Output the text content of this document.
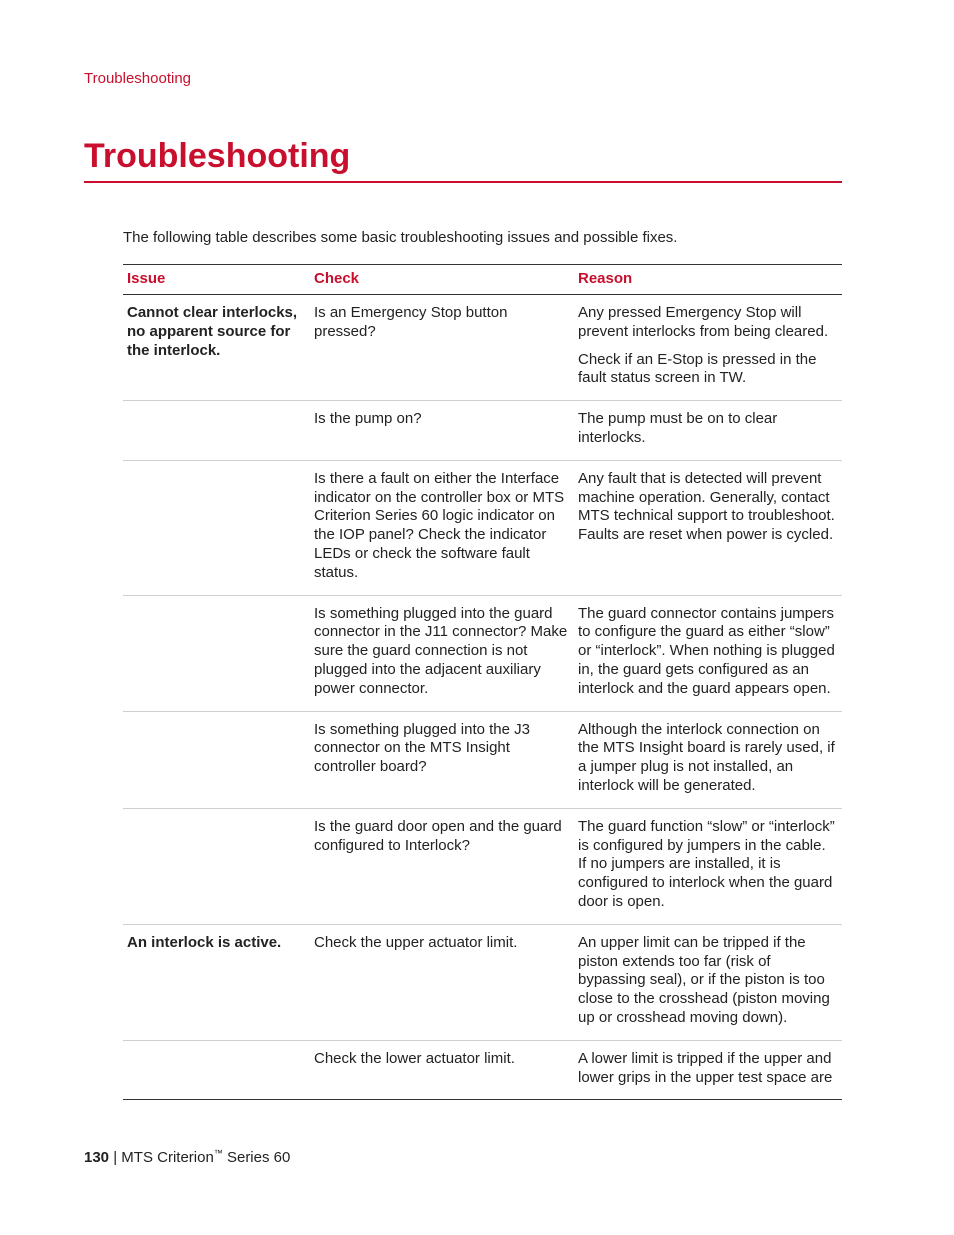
Troubleshooting
Troubleshooting
The following table describes some basic troubleshooting issues and possible fixes.
Issue	Check	Reason
Cannot clear interlocks, no apparent source for the interlock.	Is an Emergency Stop button pressed?	Any pressed Emergency Stop will prevent interlocks from being cleared.

Check if an E-Stop is pressed in the fault status screen in TW.

	Is the pump on?	The pump must be on to clear interlocks.

	Is there a fault on either the Interface indicator on the controller box or MTS Criterion Series 60 logic indicator on the IOP panel? Check the indicator LEDs or check the software fault status.	Any fault that is detected will prevent machine operation. Generally, contact MTS technical support to troubleshoot. Faults are reset when power is cycled.

	Is something plugged into the guard connector in the J11 connector? Make sure the guard connection is not plugged into the adjacent auxiliary power connector.	The guard connector contains jumpers to configure the guard as either “slow” or “interlock”. When nothing is plugged in, the guard gets configured as an interlock and the guard appears open.

	Is something plugged into the J3 connector on the MTS Insight controller board?	Although the interlock connection on the MTS Insight board is rarely used, if a jumper plug is not installed, an interlock will be generated.

	Is the guard door open and the guard configured to Interlock?	The guard function “slow” or “interlock” is configured by jumpers in the cable. If no jumpers are installed, it is configured to interlock when the guard door is open.

An interlock is active.	Check the upper actuator limit.	An upper limit can be tripped if the piston extends too far (risk of bypassing seal), or if the piston is too close to the crosshead (piston moving up or crosshead moving down).

	Check the lower actuator limit.	A lower limit is tripped if the upper and lower grips in the upper test space are

130 | MTS Criterion™ Series 60
